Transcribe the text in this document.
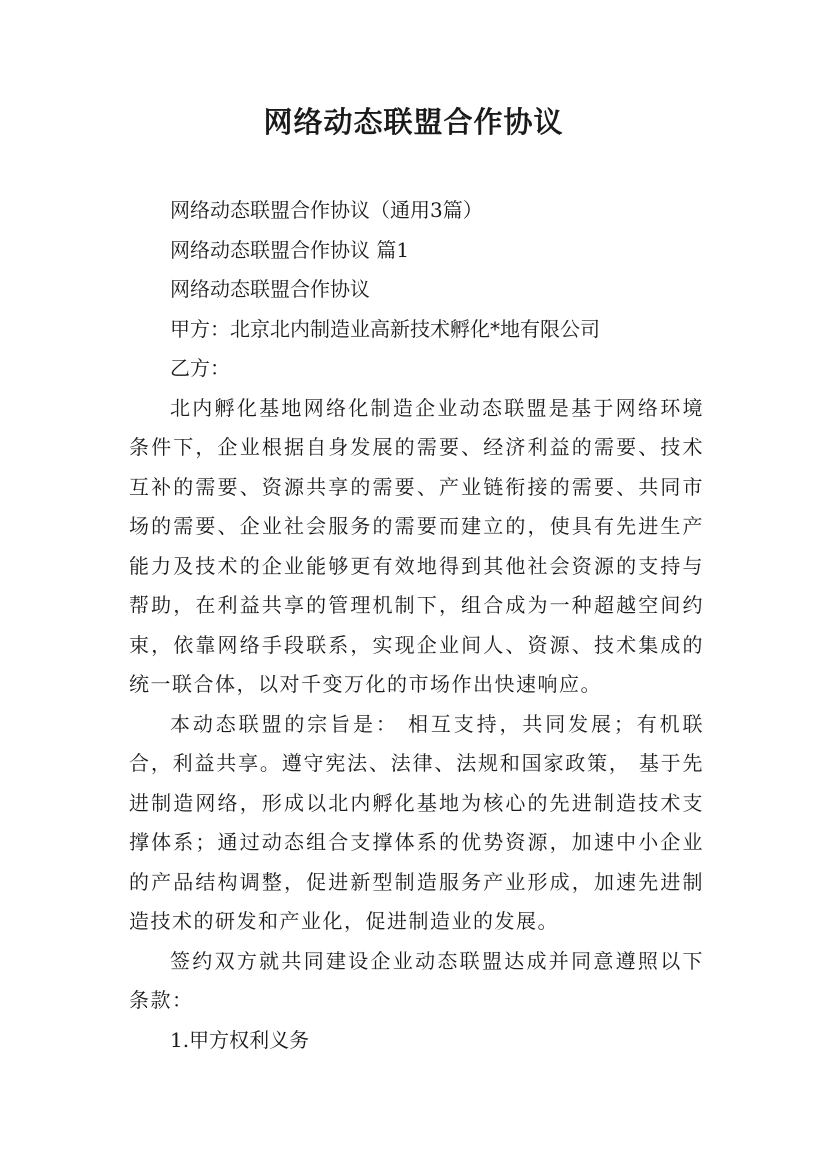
网络动态联盟合作协议
网络动态联盟合作协议（通用3篇）
网络动态联盟合作协议 篇1
网络动态联盟合作协议
甲方：北京北内制造业高新技术孵化*地有限公司
乙方：

北内孵化基地网络化制造企业动态联盟是基于网络环境条件下，企业根据自身发展的需要、经济利益的需要、技术互补的需要、资源共享的需要、产业链衔接的需要、共同市场的需要、企业社会服务的需要而建立的，使具有先进生产能力及技术的企业能够更有效地得到其他社会资源的支持与帮助，在利益共享的管理机制下，组合成为一种超越空间约束，依靠网络手段联系，实现企业间人、资源、技术集成的统一联合体，以对千变万化的市场作出快速响应。

本动态联盟的宗旨是： 相互支持，共同发展；有机联合，利益共享。遵守宪法、法律、法规和国家政策， 基于先进制造网络，形成以北内孵化基地为核心的先进制造技术支撑体系；通过动态组合支撑体系的优势资源，加速中小企业的产品结构调整，促进新型制造服务产业形成，加速先进制造技术的研发和产业化，促进制造业的发展。

签约双方就共同建设企业动态联盟达成并同意遵照以下条款：

1.甲方权利义务
